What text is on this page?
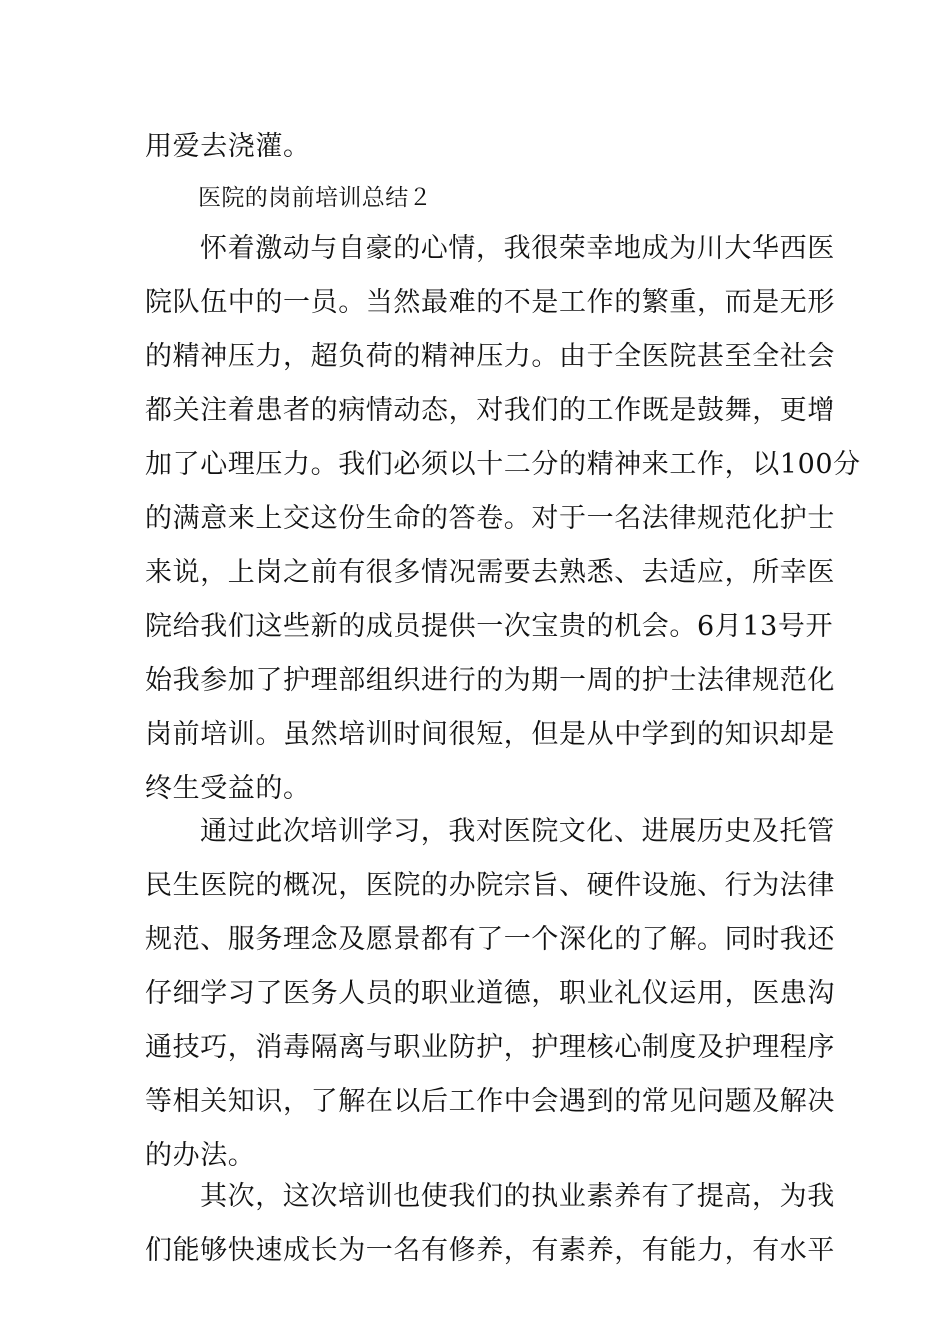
用爱去浇灌。
医院的岗前培训总结２
怀着激动与自豪的心情，我很荣幸地成为川大华西医
院队伍中的一员。当然最难的不是工作的繁重，而是无形
的精神压力，超负荷的精神压力。由于全医院甚至全社会
都关注着患者的病情动态，对我们的工作既是鼓舞，更增
加了心理压力。我们必须以十二分的精神来工作，以100分
的满意来上交这份生命的答卷。对于一名法律规范化护士
来说，上岗之前有很多情况需要去熟悉、去适应，所幸医
院给我们这些新的成员提供一次宝贵的机会。6月13号开
始我参加了护理部组织进行的为期一周的护士法律规范化
岗前培训。虽然培训时间很短，但是从中学到的知识却是
终生受益的。
通过此次培训学习，我对医院文化、进展历史及托管
民生医院的概况，医院的办院宗旨、硬件设施、行为法律
规范、服务理念及愿景都有了一个深化的了解。同时我还
仔细学习了医务人员的职业道德，职业礼仪运用，医患沟
通技巧，消毒隔离与职业防护，护理核心制度及护理程序
等相关知识，了解在以后工作中会遇到的常见问题及解决
的办法。
其次，这次培训也使我们的执业素养有了提高，为我
们能够快速成长为一名有修养，有素养，有能力，有水平
